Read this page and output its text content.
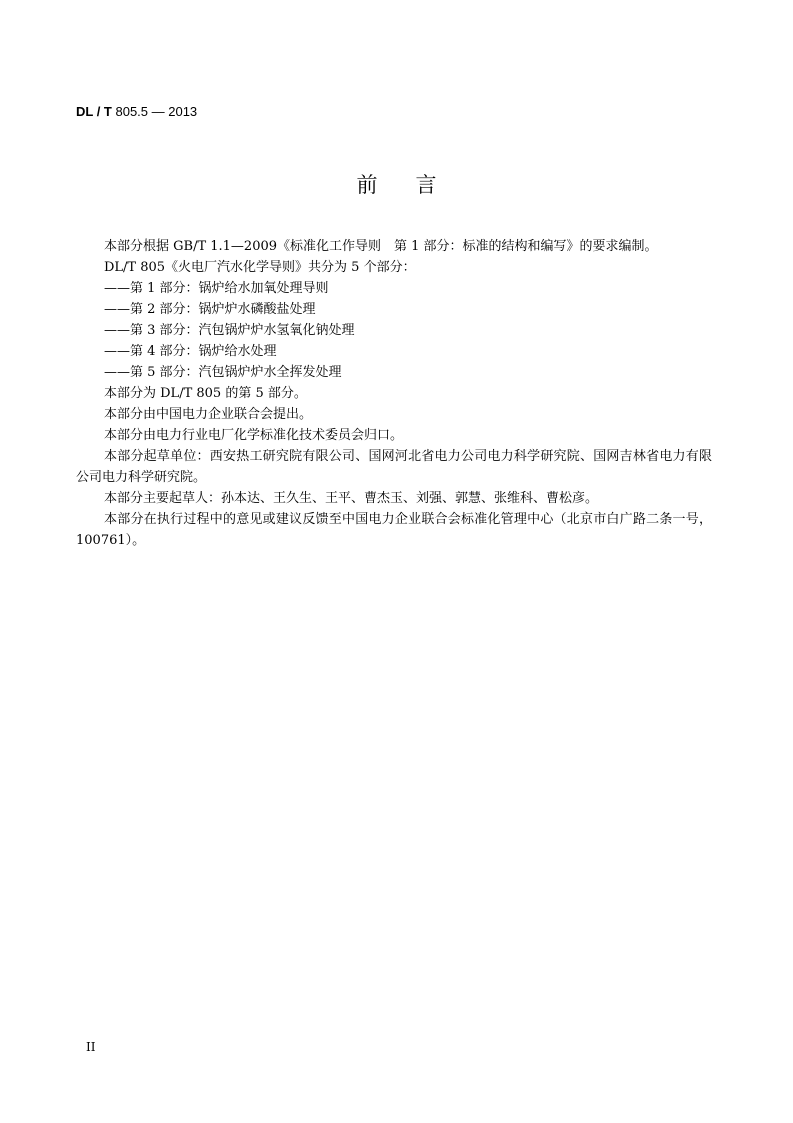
DL / T 805.5 — 2013
前言

本部分根据 GB/T 1.1—2009《标准化工作导则　第 1 部分：标准的结构和编写》的要求编制。

DL/T 805《火电厂汽水化学导则》共分为 5 个部分：

——第 1 部分：锅炉给水加氧处理导则

——第 2 部分：锅炉炉水磷酸盐处理

——第 3 部分：汽包锅炉炉水氢氧化钠处理

——第 4 部分：锅炉给水处理

——第 5 部分：汽包锅炉炉水全挥发处理

本部分为 DL/T 805 的第 5 部分。

本部分由中国电力企业联合会提出。

本部分由电力行业电厂化学标准化技术委员会归口。

本部分起草单位：西安热工研究院有限公司、国网河北省电力公司电力科学研究院、国网吉林省电力有限公司电力科学研究院。

本部分主要起草人：孙本达、王久生、王平、曹杰玉、刘强、郭慧、张维科、曹松彦。

本部分在执行过程中的意见或建议反馈至中国电力企业联合会标准化管理中心（北京市白广路二条一号，100761）。

II
